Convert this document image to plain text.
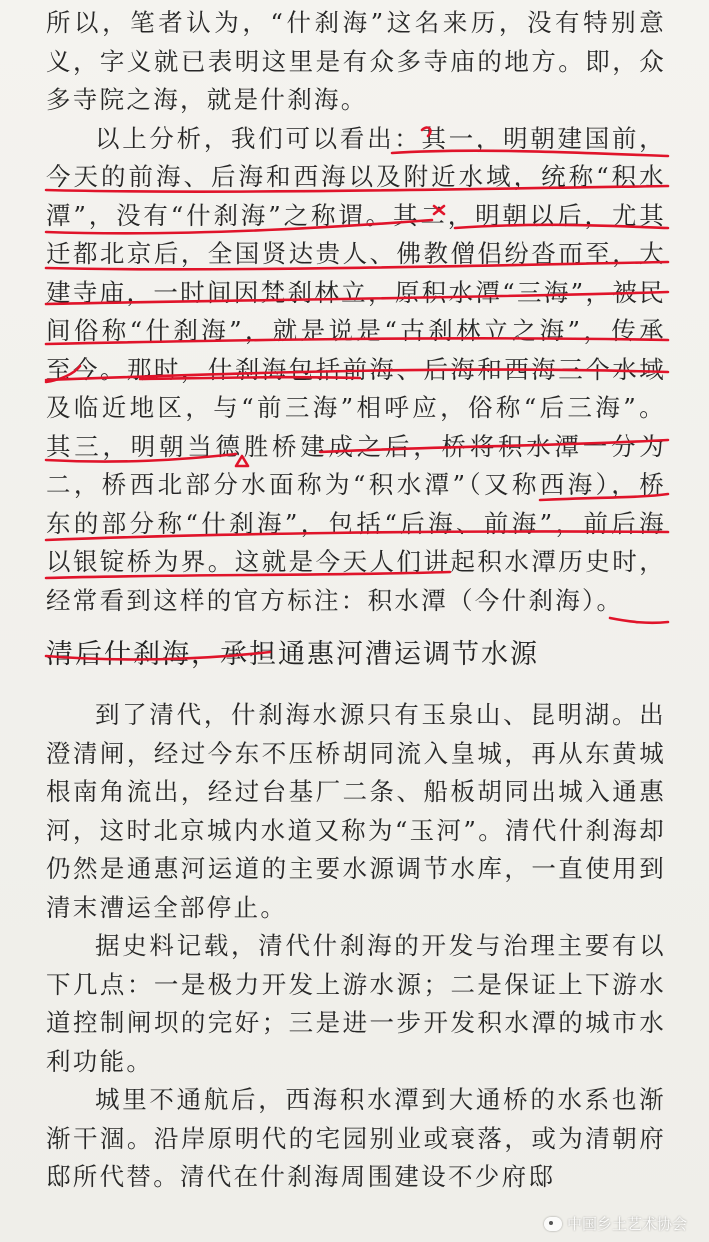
所以，笔者认为，“什刹海”这名来历，没有特别意义，字义就已表明这里是有众多寺庙的地方。即，众多寺院之海，就是什刹海。

以上分析，我们可以看出：其一，明朝建国前，今天的前海、后海和西海以及附近水域，统称“积水潭”，没有“什刹海”之称谓。其二，明朝以后，尤其迁都北京后，全国贤达贵人、佛教僧侣纷沓而至，大建寺庙，一时间因梵刹林立，原积水潭“三海”，被民间俗称“什刹海”，就是说是“古刹林立之海”，传承至今。那时，什刹海包括前海、后海和西海三个水域及临近地区，与“前三海”相呼应，俗称“后三海”。其三，明朝当德胜桥建成之后，桥将积水潭一分为二，桥西北部分水面称为“积水潭”（又称西海），桥东的部分称“什刹海”，包括“后海、前海”，前后海以银锭桥为界。这就是今天人们讲起积水潭历史时，经常看到这样的官方标注：积水潭（今什刹海）。

清后什刹海，承担通惠河漕运调节水源

到了清代，什刹海水源只有玉泉山、昆明湖。出澄清闸，经过今东不压桥胡同流入皇城，再从东黄城根南角流出，经过台基厂二条、船板胡同出城入通惠河，这时北京城内水道又称为“玉河”。清代什刹海却仍然是通惠河运道的主要水源调节水库，一直使用到清末漕运全部停止。

据史料记载，清代什刹海的开发与治理主要有以下几点：一是极力开发上游水源；二是保证上下游水道控制闸坝的完好；三是进一步开发积水潭的城市水利功能。

城里不通航后，西海积水潭到大通桥的水系也渐渐干涸。沿岸原明代的宅园别业或衰落，或为清朝府邸所代替。清代在什刹海周围建设不少府邸

中国乡土艺术协会
